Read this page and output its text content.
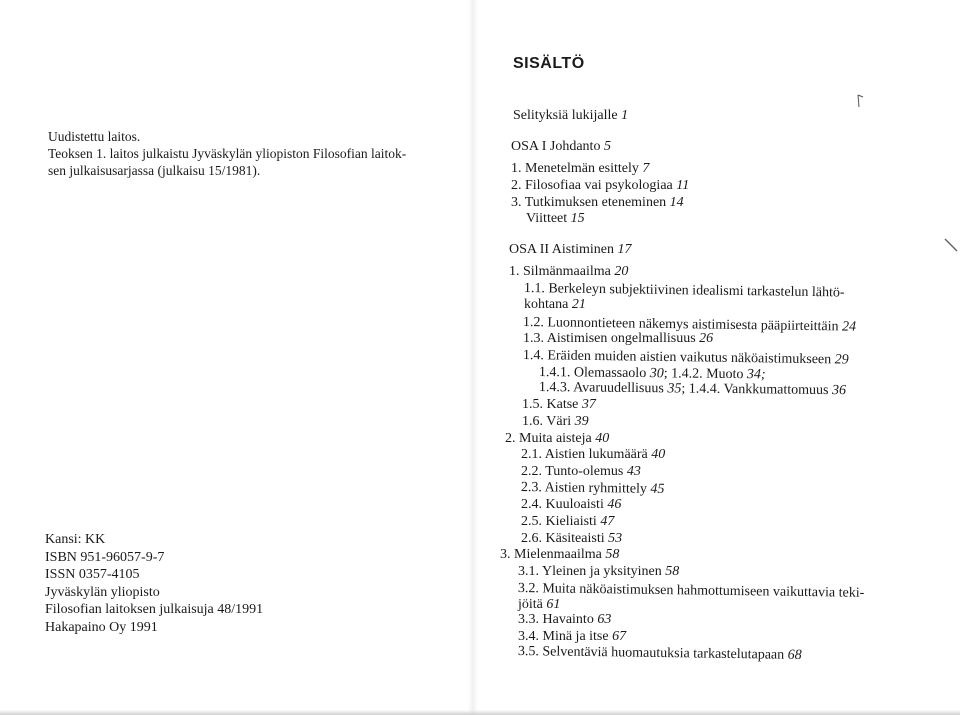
Uudistettu laitos.
Teoksen 1. laitos julkaistu Jyväskylän yliopiston Filosofian laitok-
sen julkaisusarjassa (julkaisu 15/1981).
Kansi: KK
ISBN 951-96057-9-7
ISSN 0357-4105
Jyväskylän yliopisto
Filosofian laitoksen julkaisuja 48/1991
Hakapaino Oy 1991
SISÄLTÖ
Selityksiä lukijalle 1
OSA I Johdanto 5
1. Menetelmän esittely 7
2. Filosofiaa vai psykologiaa 11
3. Tutkimuksen eteneminen 14
Viitteet 15
OSA II Aistiminen 17
1. Silmänmaailma 20
1.1. Berkeleyn subjektiivinen idealismi tarkastelun lähtö-
kohtana 21
1.2. Luonnontieteen näkemys aistimisesta pääpiirteittäin 24
1.3. Aistimisen ongelmallisuus 26
1.4. Eräiden muiden aistien vaikutus näköaistimukseen 29
1.4.1. Olemassaolo 30; 1.4.2. Muoto 34;
1.4.3. Avaruudellisuus 35; 1.4.4. Vankkumattomuus 36
1.5. Katse 37
1.6. Väri 39
2. Muita aisteja 40
2.1. Aistien lukumäärä 40
2.2. Tunto-olemus 43
2.3. Aistien ryhmittely 45
2.4. Kuuloaisti 46
2.5. Kieliaisti 47
2.6. Käsiteaisti 53
3. Mielenmaailma 58
3.1. Yleinen ja yksityinen 58
3.2. Muita näköaistimuksen hahmottumiseen vaikuttavia teki-
jöitä 61
3.3. Havainto 63
3.4. Minä ja itse 67
3.5. Selventäviä huomautuksia tarkastelutapaan 68
